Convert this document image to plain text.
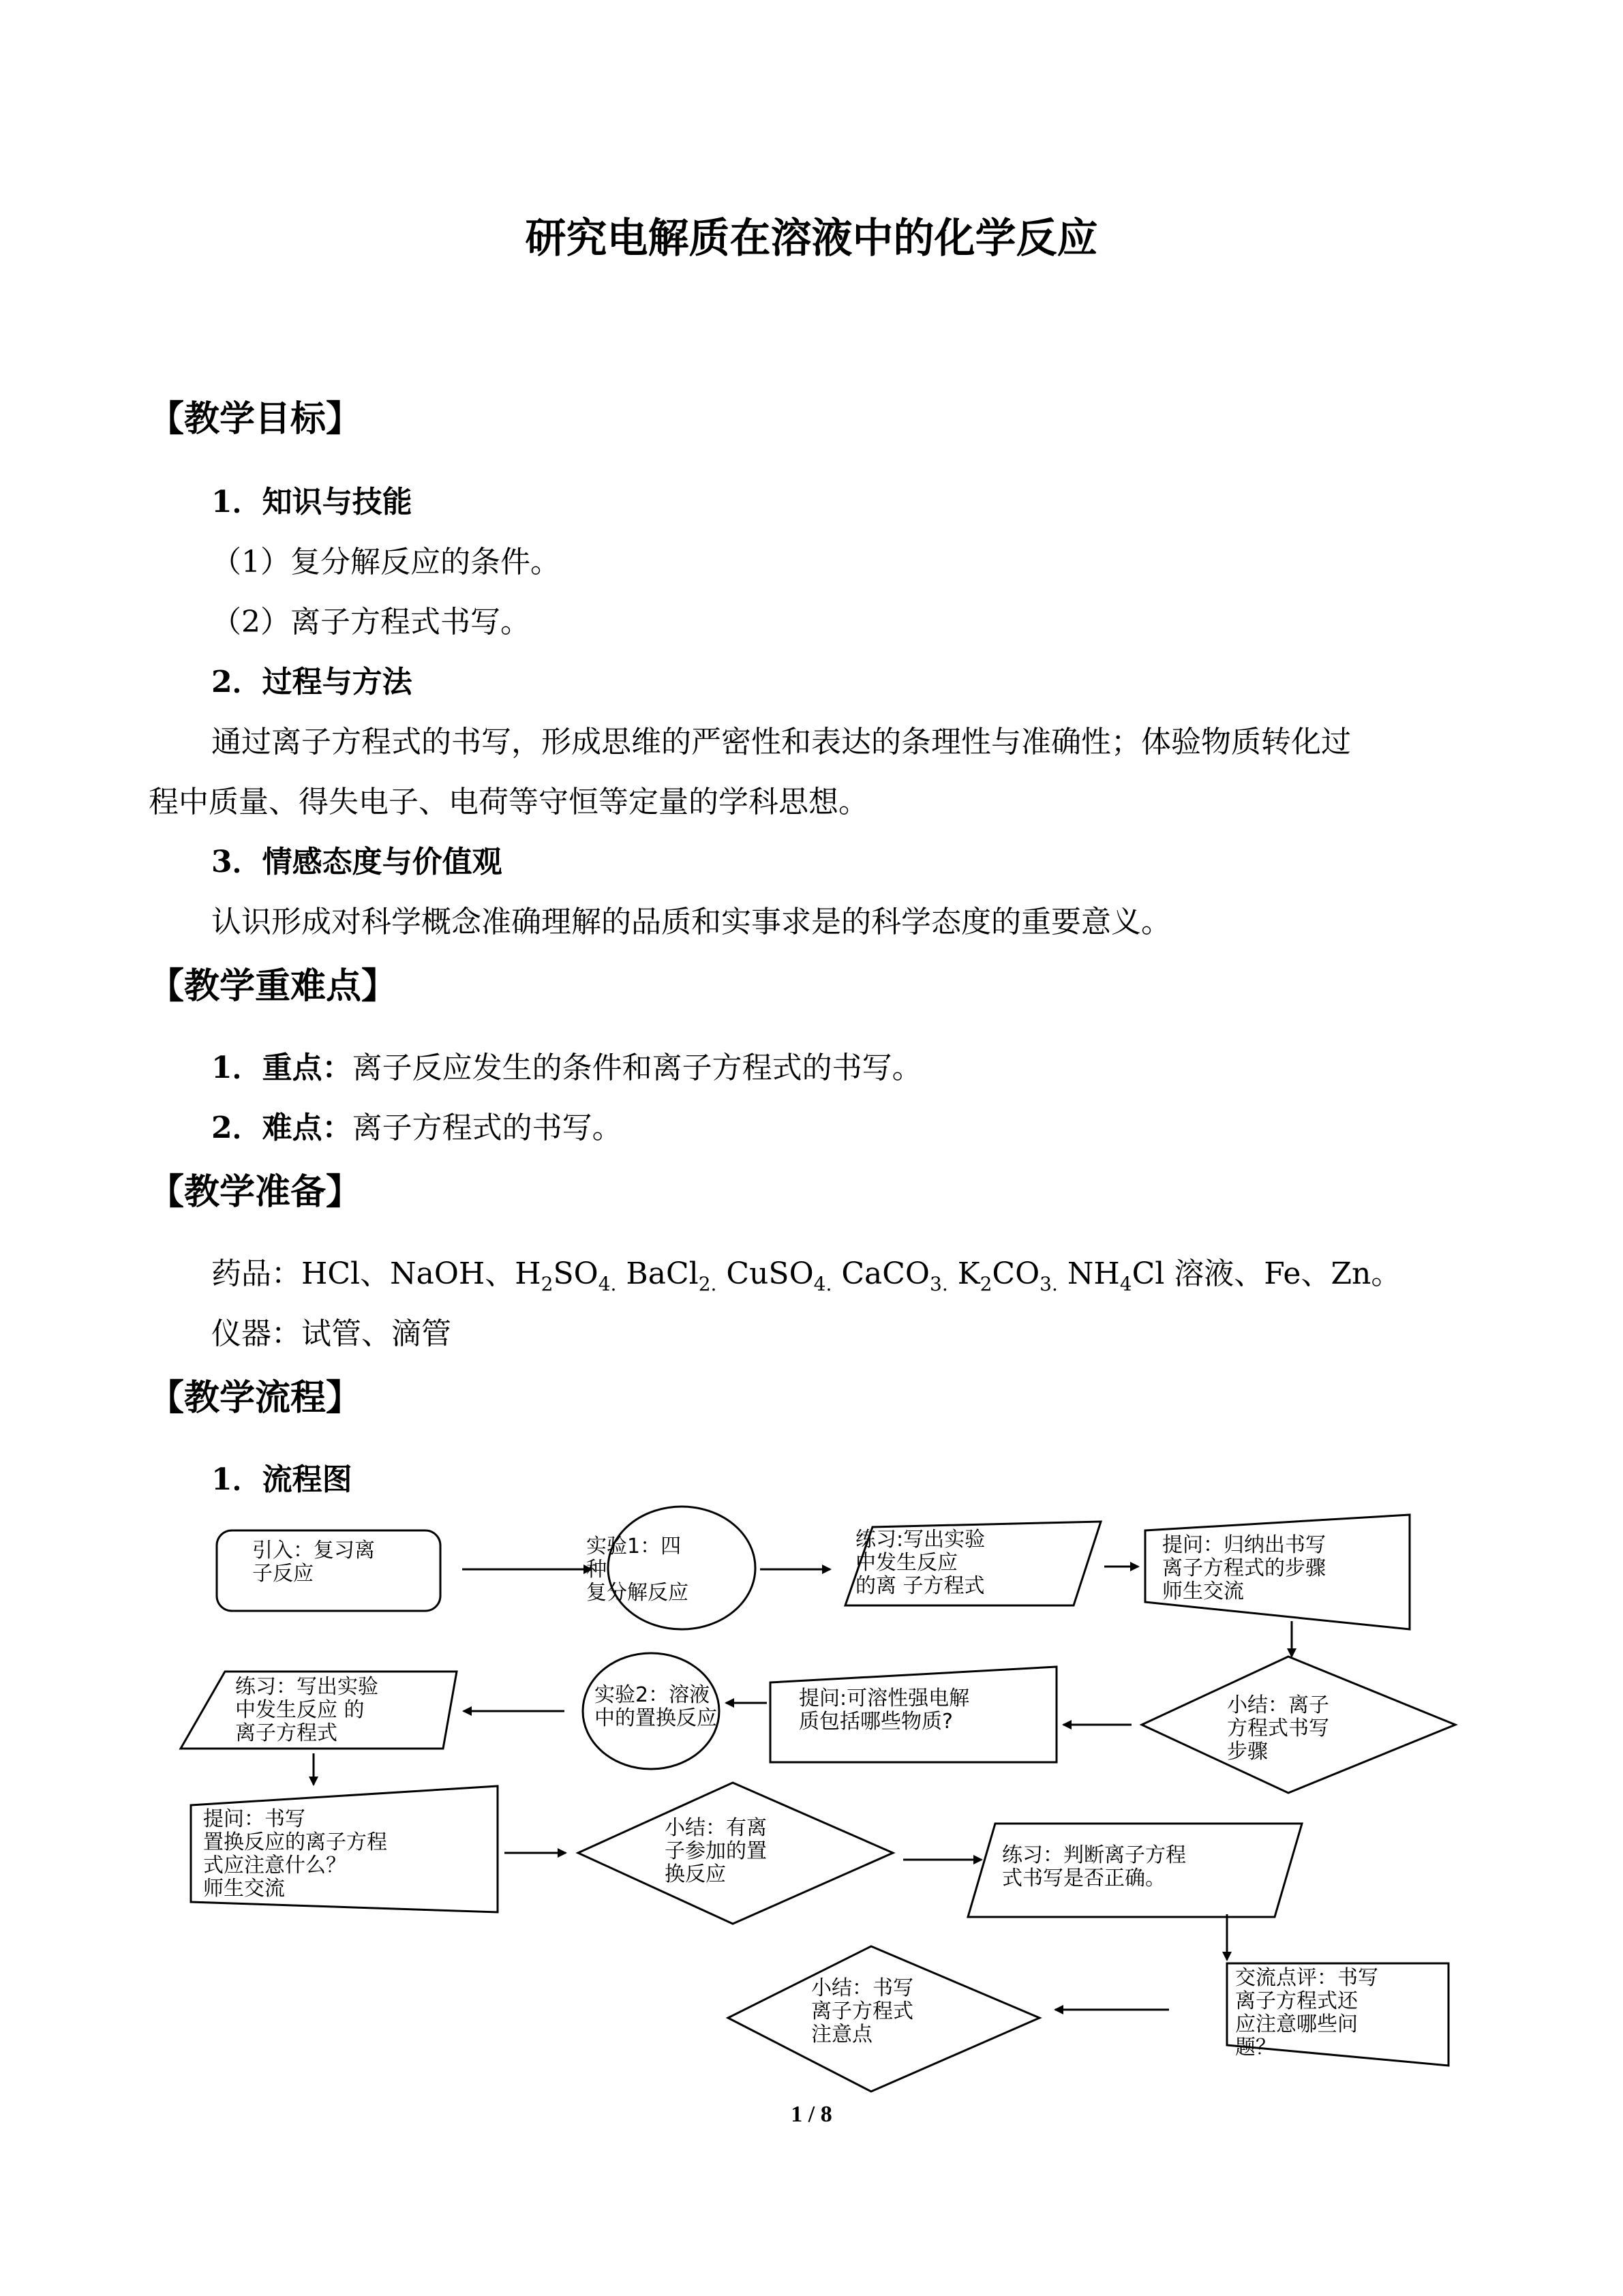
研究电解质在溶液中的化学反应
【教学目标】
1．知识与技能
（1）复分解反应的条件。
（2）离子方程式书写。
2．过程与方法
通过离子方程式的书写，形成思维的严密性和表达的条理性与准确性；体验物质转化过
程中质量、得失电子、电荷等守恒等定量的学科思想。
3．情感态度与价值观
认识形成对科学概念准确理解的品质和实事求是的科学态度的重要意义。
【教学重难点】
1．重点：离子反应发生的条件和离子方程式的书写。
2．难点：离子方程式的书写。
【教学准备】
药品：HCl、NaOH、$H_2SO_{4.}$ BaCl$_{2.}$ CuSO$_{4.}$ CaCO$_{3.}$ $K_2CO_{3.}$ $NH_4Cl$ 溶液、Fe、Zn。
仪器：试管、滴管
【教学流程】
1．流程图
引入：复习离
子反应
实验1：四
种
复分解反应
练习:写出实验
中发生反应
的离 子方程式
提问：归纳出书写
离子方程式的步骤
师生交流
小结：离子
方程式书写
步骤
提问:可溶性强电解
质包括哪些物质?
实验2：溶液
中的置换反应
练习：写出实验
中发生反应 的
离子方程式
提问：书写
置换反应的离子方程
式应注意什么？
师生交流
小结：有离
子参加的置
换反应
练习：判断离子方程
式书写是否正确。
交流点评：书写
离子方程式还
应注意哪些问
题？
小结：书写
离子方程式
注意点
1 / 8
